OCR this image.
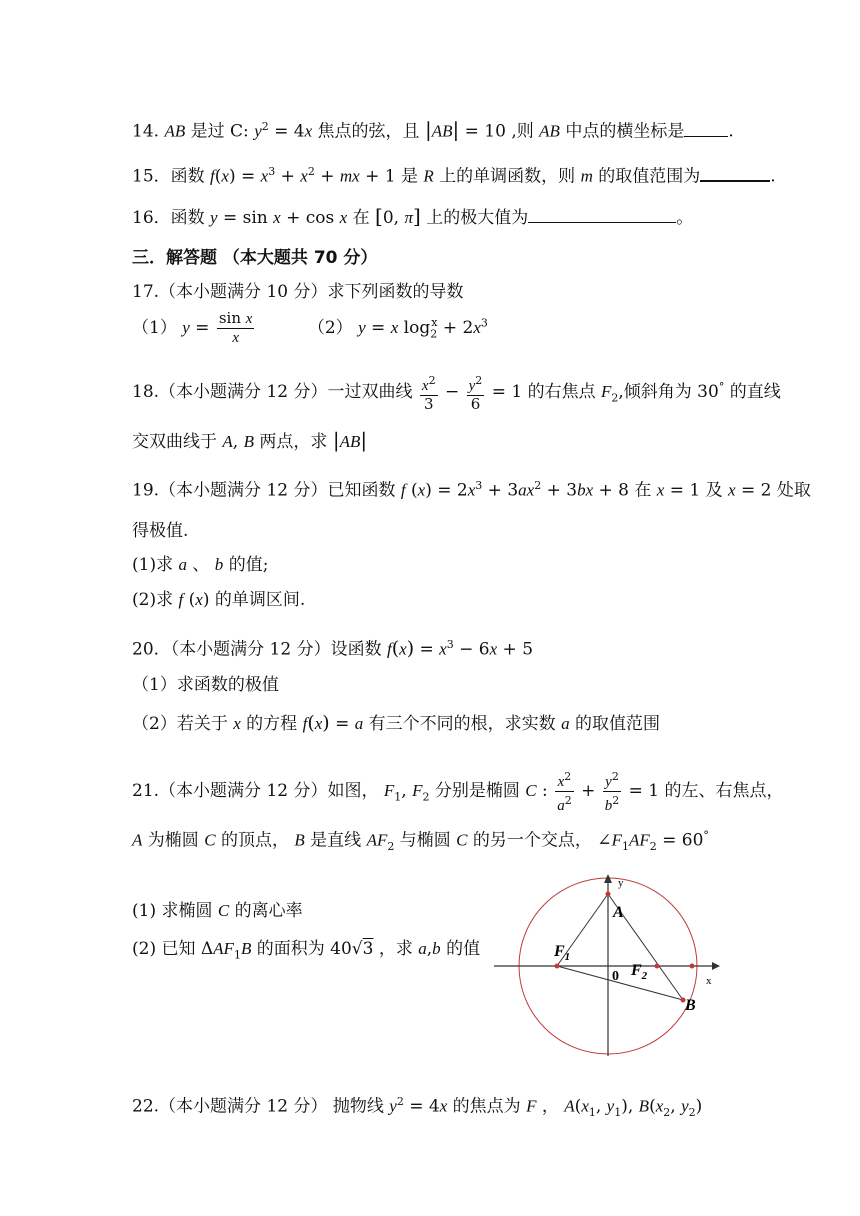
14. AB 是过 C: $y^2 = 4x$ 焦点的弦，且 |AB| = 10 ,则 AB 中点的横坐标是	.
15．函数 $f(x) = x^3 + x^2$ + mx + 1 是 R 上的单调函数，则 m 的取值范围为	.
16．函数 y = sin x + cos x 在 [0, π] 上的极大值为	。
三．解答题 （本大题共 70 分）
17.（本小题满分 10 分）求下列函数的导数
（1） $y = \frac{\text{sin x}}{x}$	（2） y = x $\log_2^x + 2x^3$
18.（本小题满分 12 分）一过双曲线 $\frac{x^2}{3} - \frac{y^2}{6} = 1$ 的右焦点 $F_2$,倾斜角为 30° 的直线
交双曲线于 A, B 两点，求 |AB|
19.（本小题满分 12 分）已知函数 f $(x) = 2x^3 + 3ax^2 + 3bx + 8$ 在 x = 1 及 x = 2 处取
得极值.
(1)求 a 、 b 的值;
(2)求 f (x) 的单调区间.
20．（本小题满分 12 分）设函数 $f(x) = x^3 - 6x + 5$
（1）求函数的极值
（2）若关于 x 的方程 f(x) = a 有三个不同的根，求实数 a 的取值范围
21.（本小题满分 12 分）如图， $F_1$, $F_2$ 分别是椭圆 C : $\frac{x^2}{a^2} + \frac{y^2}{b^2} = 1$ 的左、右焦点，
A 为椭圆 C 的顶点， B 是直线 $AF_2$ 与椭圆 C 的另一个交点， $\angle F_1AF_2 = 60^\circ$
(1) 求椭圆 C 的离心率
(2) 已知 $\Delta AF_1B$ 的面积为 40√3 ，求 a,b 的值
y
x
A
B
$F_1$
$F_2$
0
22.（本小题满分 12 分） 抛物线 $y^2 = 4x$ 的焦点为 F ， $A(x_1$, $y_1$), $B(x_2$, $y_2$)
